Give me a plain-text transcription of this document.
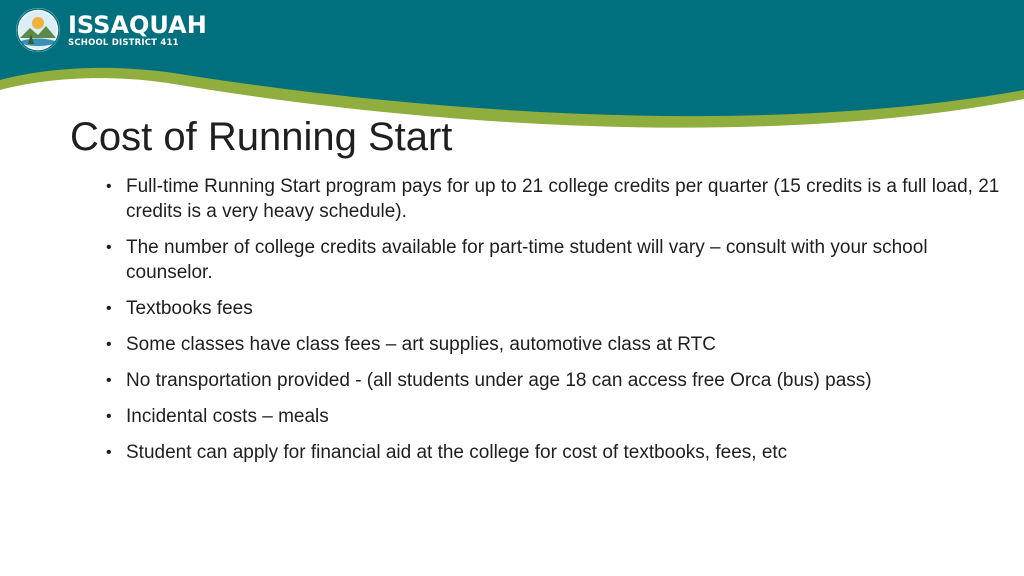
ISSAQUAH
SCHOOL DISTRICT 411
Cost of Running Start
• Full-time Running Start program pays for up to 21 college credits per quarter (15 credits is a full load, 21 credits is a very heavy schedule).
• The number of college credits available for part-time student will vary – consult with your school counselor.
• Textbooks fees
• Some classes have class fees – art supplies, automotive class at RTC
• No transportation provided - (all students under age 18 can access free Orca (bus) pass)
• Incidental costs – meals
• Student can apply for financial aid at the college for cost of textbooks, fees, etc
